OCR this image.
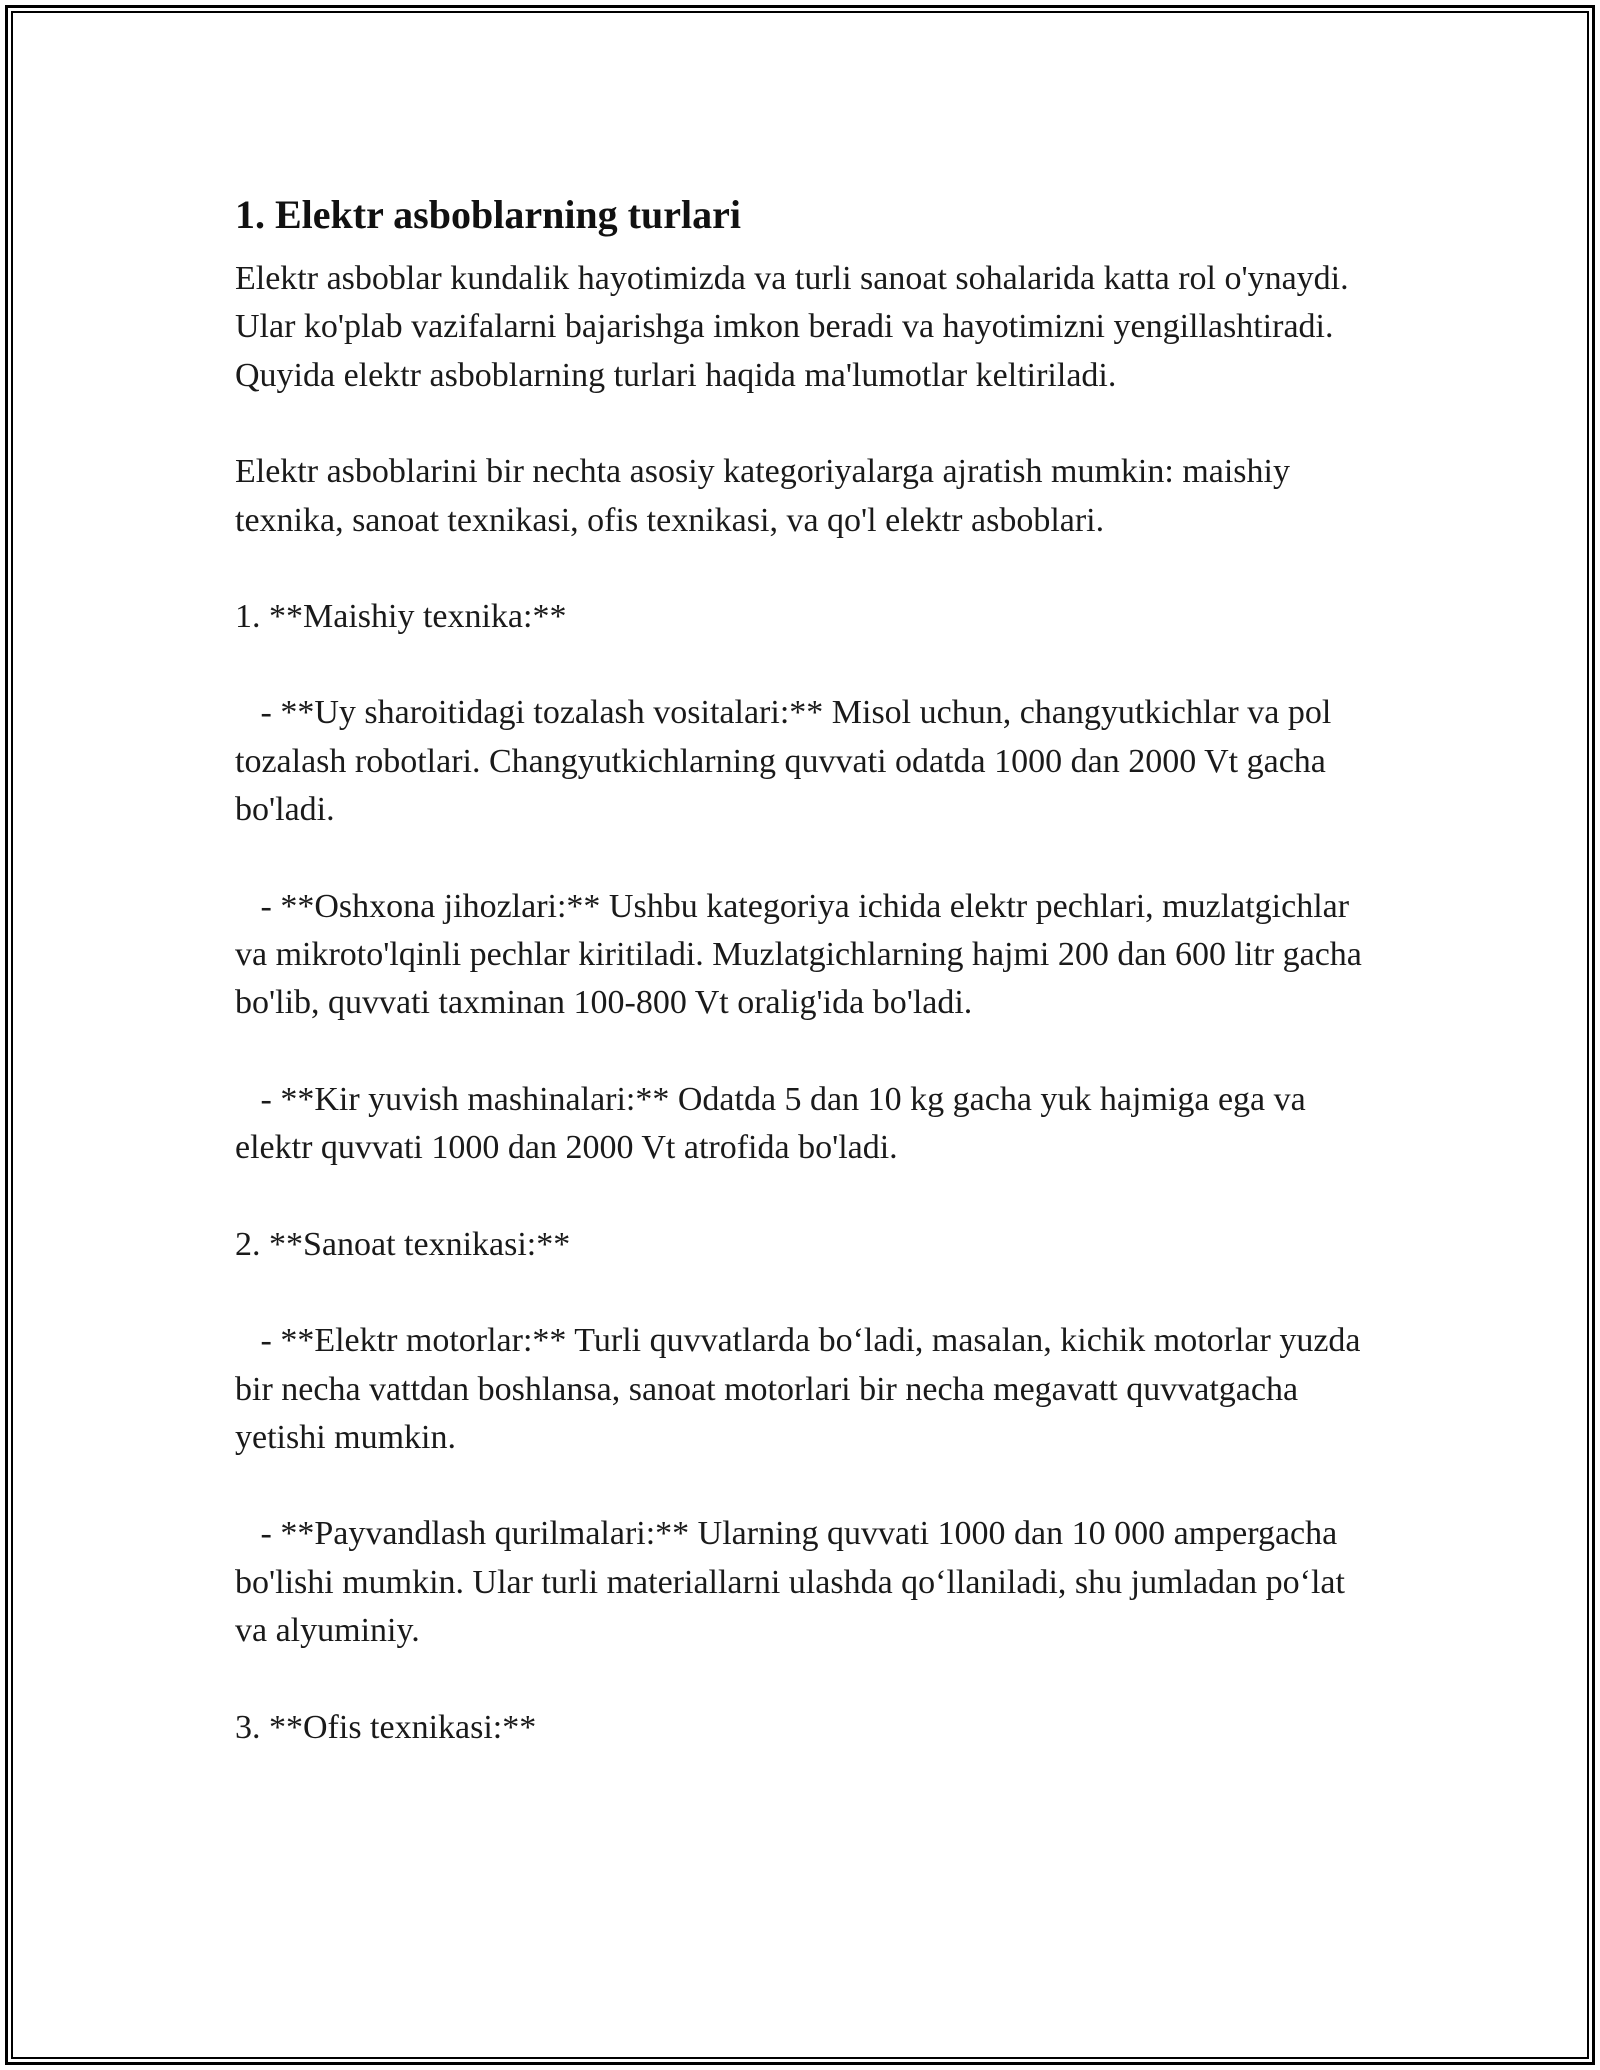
1. Elektr asboblarning turlari

Elektr asboblar kundalik hayotimizda va turli sanoat sohalarida katta rol o'ynaydi. Ular ko'plab vazifalarni bajarishga imkon beradi va hayotimizni yengillashtiradi. Quyida elektr asboblarning turlari haqida ma'lumotlar keltiriladi.

Elektr asboblarini bir nechta asosiy kategoriyalarga ajratish mumkin: maishiy texnika, sanoat texnikasi, ofis texnikasi, va qo'l elektr asboblari.

1. **Maishiy texnika:**

- **Uy sharoitidagi tozalash vositalari:** Misol uchun, changyutkichlar va pol tozalash robotlari. Changyutkichlarning quvvati odatda 1000 dan 2000 Vt gacha bo'ladi.

- **Oshxona jihozlari:** Ushbu kategoriya ichida elektr pechlari, muzlatgichlar va mikroto'lqinli pechlar kiritiladi. Muzlatgichlarning hajmi 200 dan 600 litr gacha bo'lib, quvvati taxminan 100-800 Vt oralig'ida bo'ladi.

- **Kir yuvish mashinalari:** Odatda 5 dan 10 kg gacha yuk hajmiga ega va elektr quvvati 1000 dan 2000 Vt atrofida bo'ladi.

2. **Sanoat texnikasi:**

- **Elektr motorlar:** Turli quvvatlarda bo‘ladi, masalan, kichik motorlar yuzda bir necha vattdan boshlansa, sanoat motorlari bir necha megavatt quvvatgacha yetishi mumkin.

- **Payvandlash qurilmalari:** Ularning quvvati 1000 dan 10 000 ampergacha bo'lishi mumkin. Ular turli materiallarni ulashda qo‘llaniladi, shu jumladan po‘lat va alyuminiy.

3. **Ofis texnikasi:**
